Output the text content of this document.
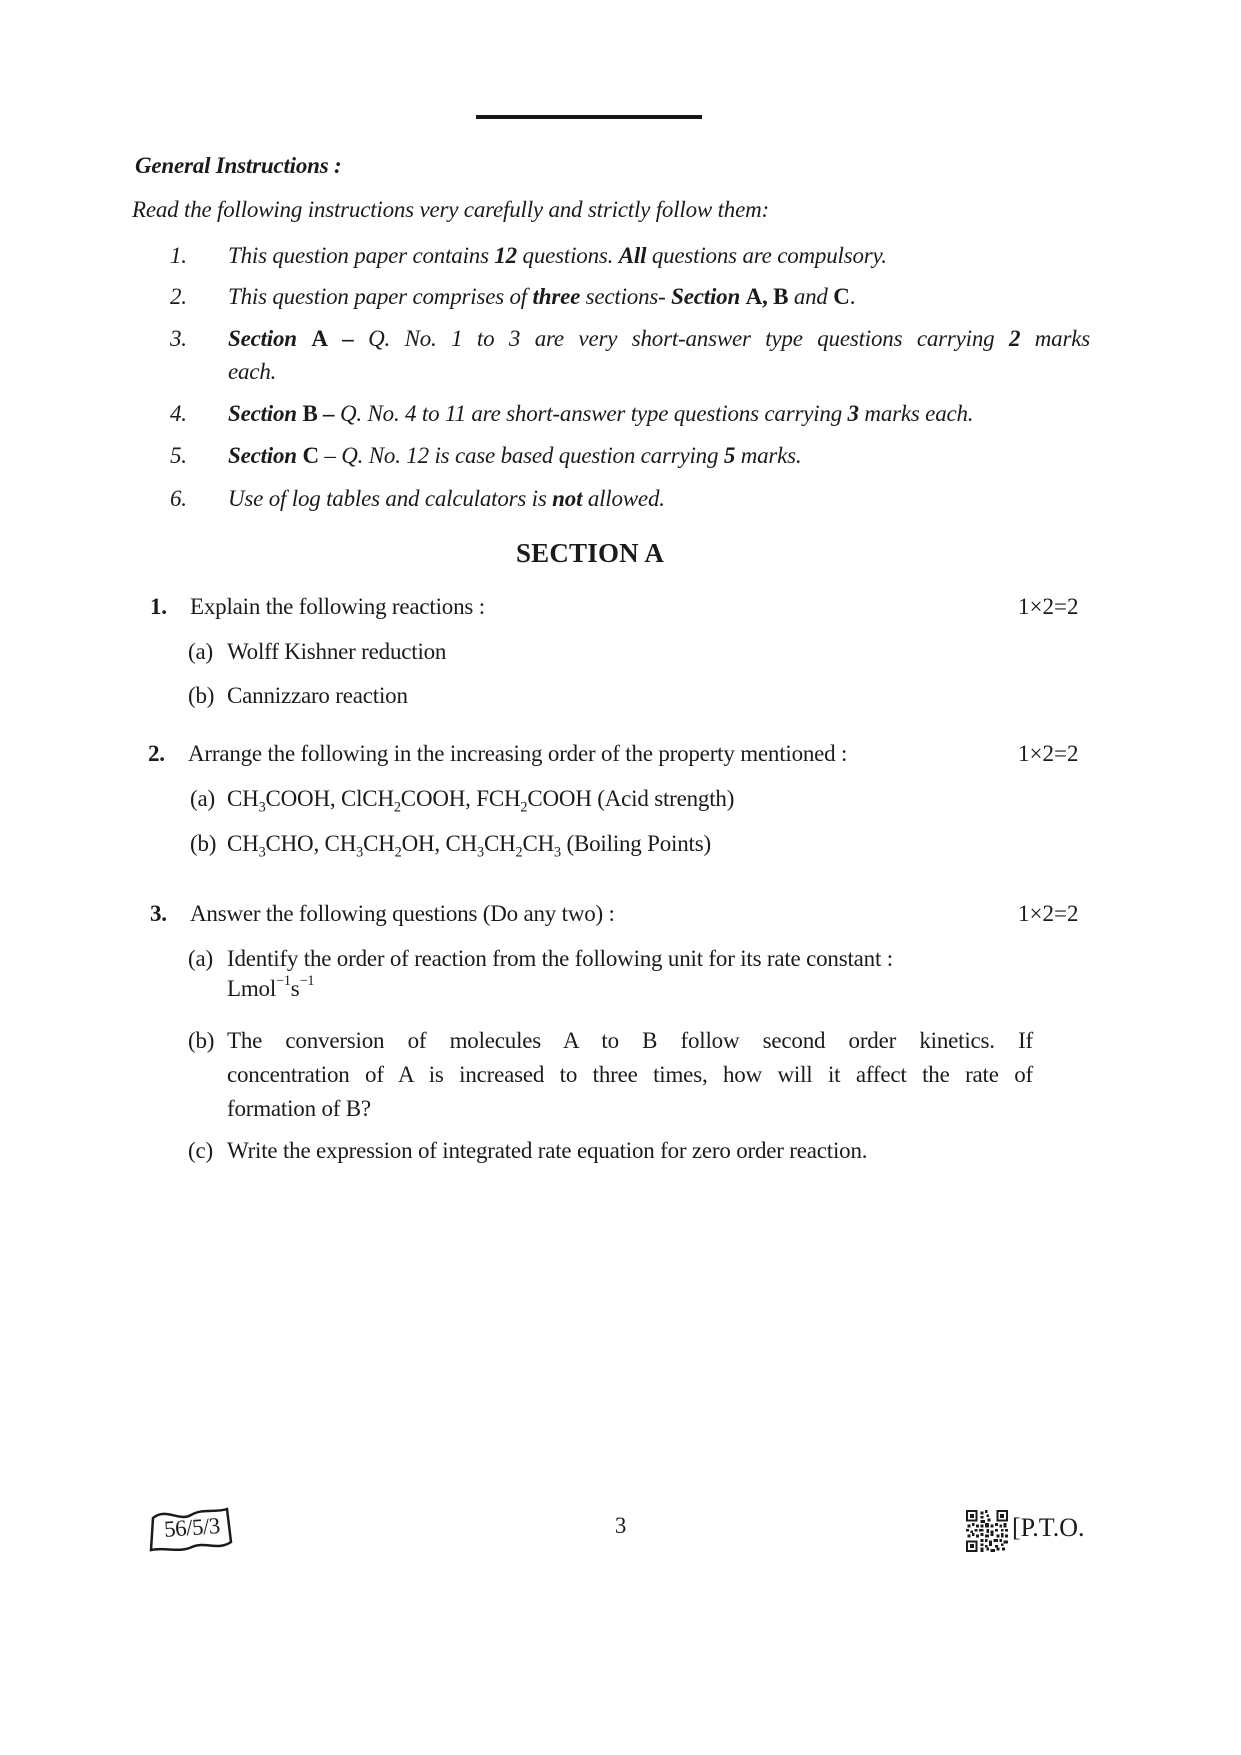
General Instructions :
Read the following instructions very carefully and strictly follow them:
1. This question paper contains 12 questions. All questions are compulsory.
2. This question paper comprises of three sections- Section A, B and C.
3. Section A – Q. No. 1 to 3 are very short-answer type questions carrying 2 marks
each.
4. Section B – Q. No. 4 to 11 are short-answer type questions carrying 3 marks each.
5. Section C – Q. No. 12 is case based question carrying 5 marks.
6. Use of log tables and calculators is not allowed.
SECTION A
1. Explain the following reactions :	1×2=2
(a) Wolff Kishner reduction
(b) Cannizzaro reaction
2. Arrange the following in the increasing order of the property mentioned :	1×2=2
(a) $CH_3COOH$, ClCH$_2$COOH, $FCH_2COOH$ (Acid strength)
(b) $CH_3CHO$, $CH_3CH_2OH$, $CH_3CH_2CH_3$ (Boiling Points)
3. Answer the following questions (Do any two) :	1×2=2
(a) Identify the order of reaction from the following unit for its rate constant :
$Lmol^{-1}s^{-1}$
(b) The conversion of molecules A to B follow second order kinetics. If
concentration of A is increased to three times, how will it affect the rate of
formation of B?
(c) Write the expression of integrated rate equation for zero order reaction.
56/5/3	3	[P.T.O.
